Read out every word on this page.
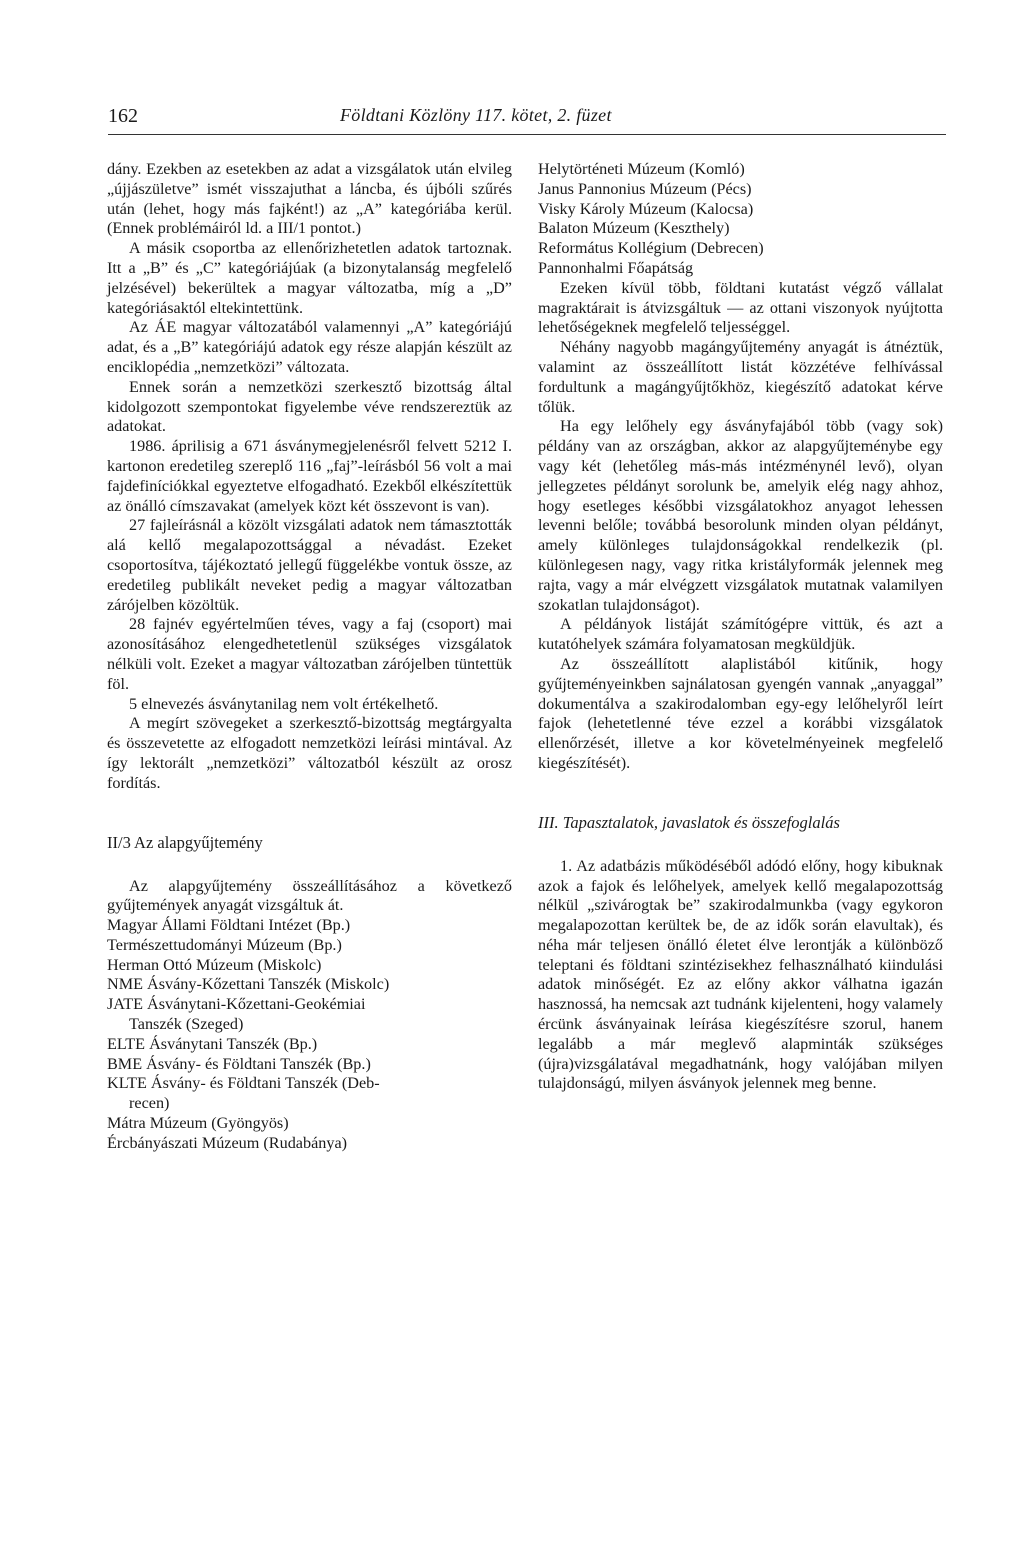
162	Földtani Közlöny 117. kötet, 2. füzet

dány. Ezekben az esetekben az adat a vizsgálatok után elvileg „újjászületve” ismét visszajuthat a láncba, és újbóli szűrés után (lehet, hogy más fajként!) az „A” kategóriába kerül. (Ennek problémáiról ld. a III/1 pontot.)

A másik csoportba az ellenőrizhetetlen adatok tartoznak. Itt a „B” és „C” kategóriájúak (a bizonytalanság megfelelő jelzésével) bekerültek a magyar változatba, míg a „D” kategóriásaktól eltekintettünk.

Az ÁE magyar változatából valamennyi „A” kategóriájú adat, és a „B” kategóriájú adatok egy része alapján készült az enciklopédia „nemzetközi” változata.

Ennek során a nemzetközi szerkesztő bizottság által kidolgozott szempontokat figyelembe véve rendszereztük az adatokat.

1986. áprilisig a 671 ásványmegjelenésről felvett 5212 I. kartonon eredetileg szereplő 116 „faj”-leírásból 56 volt a mai fajdefiníciókkal egyeztetve elfogadható. Ezekből elkészítettük az önálló címszavakat (amelyek közt két összevont is van).

27 fajleírásnál a közölt vizsgálati adatok nem támasztották alá kellő megalapozottsággal a névadást. Ezeket csoportosítva, tájékoztató jellegű függelékbe vontuk össze, az eredetileg publikált neveket pedig a magyar változatban zárójelben közöltük.

28 fajnév egyértelműen téves, vagy a faj (csoport) mai azonosításához elengedhetetlenül szükséges vizsgálatok nélküli volt. Ezeket a magyar változatban zárójelben tüntettük föl.

5 elnevezés ásványtanilag nem volt értékelhető.

A megírt szövegeket a szerkesztő-bizottság megtárgyalta és összevetette az elfogadott nemzetközi leírási mintával. Az így lektorált „nemzetközi” változatból készült az orosz fordítás.

II/3 Az alapgyűjtemény

Az alapgyűjtemény összeállításához a következő gyűjtemények anyagát vizsgáltuk át.

Magyar Állami Földtani Intézet (Bp.)
Természettudományi Múzeum (Bp.)
Herman Ottó Múzeum (Miskolc)
NME Ásvány-Kőzettani Tanszék (Miskolc)
JATE Ásványtani-Kőzettani-Geokémiai
Tanszék (Szeged)
ELTE Ásványtani Tanszék (Bp.)
BME Ásvány- és Földtani Tanszék (Bp.)
KLTE Ásvány- és Földtani Tanszék (Deb-
recen)
Mátra Múzeum (Gyöngyös)
Ércbányászati Múzeum (Rudabánya)
Helytörténeti Múzeum (Komló)
Janus Pannonius Múzeum (Pécs)
Visky Károly Múzeum (Kalocsa)
Balaton Múzeum (Keszthely)
Református Kollégium (Debrecen)
Pannonhalmi Főapátság

Ezeken kívül több, földtani kutatást végző vállalat magraktárait is átvizsgáltuk — az ottani viszonyok nyújtotta lehetőségeknek megfelelő teljességgel.

Néhány nagyobb magángyűjtemény anyagát is átnéztük, valamint az összeállított listát közzétéve felhívással fordultunk a magángyűjtőkhöz, kiegészítő adatokat kérve tőlük.

Ha egy lelőhely egy ásványfajából több (vagy sok) példány van az országban, akkor az alapgyűjteménybe egy vagy két (lehetőleg más-más intézménynél levő), olyan jellegzetes példányt sorolunk be, amelyik elég nagy ahhoz, hogy esetleges későbbi vizsgálatokhoz anyagot lehessen levenni belőle; továbbá besorolunk minden olyan példányt, amely különleges tulajdonságokkal rendelkezik (pl. különlegesen nagy, vagy ritka kristályformák jelennek meg rajta, vagy a már elvégzett vizsgálatok mutatnak valamilyen szokatlan tulajdonságot).

A példányok listáját számítógépre vittük, és azt a kutatóhelyek számára folyamatosan megküldjük.

Az összeállított alaplistából kitűnik, hogy gyűjteményeinkben sajnálatosan gyengén vannak „anyaggal” dokumentálva a szakirodalomban egy-egy lelőhelyről leírt fajok (lehetetlenné téve ezzel a korábbi vizsgálatok ellenőrzését, illetve a kor követelményeinek megfelelő kiegészítését).

III. Tapasztalatok, javaslatok és összefoglalás

1. Az adatbázis működéséből adódó előny, hogy kibuknak azok a fajok és lelőhelyek, amelyek kellő megalapozottság nélkül „szivárogtak be” szakirodalmunkba (vagy egykoron megalapozottan kerültek be, de az idők során elavultak), és néha már teljesen önálló életet élve lerontják a különböző teleptani és földtani szintézisekhez felhasználható kiindulási adatok minőségét. Ez az előny akkor válhatna igazán hasznossá, ha nemcsak azt tudnánk kijelenteni, hogy valamely ércünk ásványainak leírása kiegészítésre szorul, hanem legalább a már meglevő alapminták szükséges (újra)vizsgálatával megadhatnánk, hogy valójában milyen tulajdonságú, milyen ásványok jelennek meg benne.
